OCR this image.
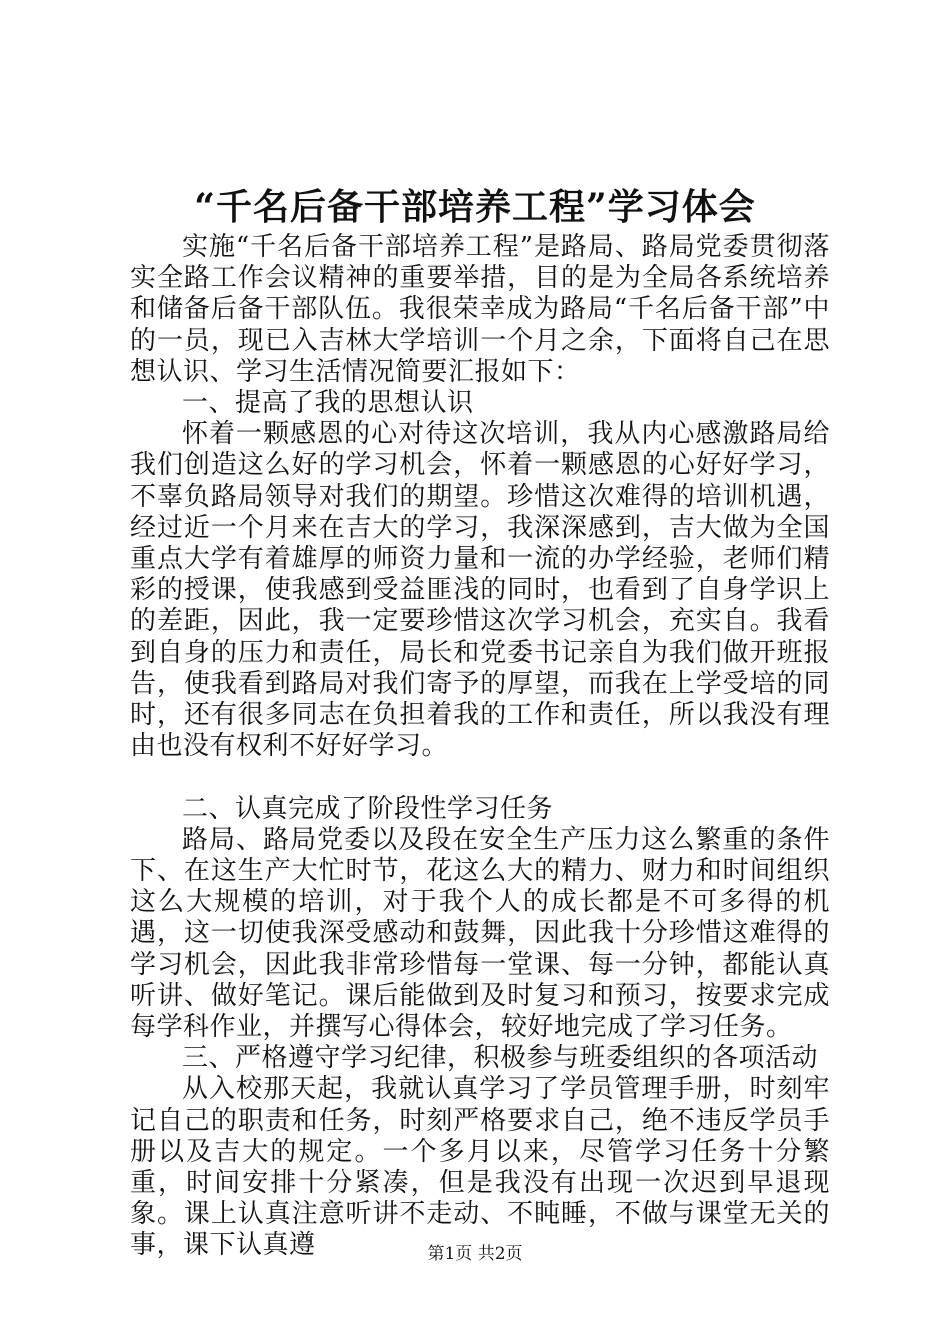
“千名后备干部培养工程”学习体会

实施“千名后备干部培养工程”是路局、路局党委贯彻落实全路工作会议精神的重要举措，目的是为全局各系统培养和储备后备干部队伍。我很荣幸成为路局“千名后备干部”中的一员，现已入吉林大学培训一个月之余，下面将自己在思想认识、学习生活情况简要汇报如下：

一、提高了我的思想认识

怀着一颗感恩的心对待这次培训，我从内心感激路局给我们创造这么好的学习机会，怀着一颗感恩的心好好学习，不辜负路局领导对我们的期望。珍惜这次难得的培训机遇，经过近一个月来在吉大的学习，我深深感到，吉大做为全国重点大学有着雄厚的师资力量和一流的办学经验，老师们精彩的授课，使我感到受益匪浅的同时，也看到了自身学识上的差距，因此，我一定要珍惜这次学习机会，充实自。我看到自身的压力和责任，局长和党委书记亲自为我们做开班报告，使我看到路局对我们寄予的厚望，而我在上学受培的同时，还有很多同志在负担着我的工作和责任，所以我没有理由也没有权利不好好学习。

二、认真完成了阶段性学习任务

路局、路局党委以及段在安全生产压力这么繁重的条件下、在这生产大忙时节，花这么大的精力、财力和时间组织这么大规模的培训，对于我个人的成长都是不可多得的机遇，这一切使我深受感动和鼓舞，因此我十分珍惜这难得的学习机会，因此我非常珍惜每一堂课、每一分钟，都能认真听讲、做好笔记。课后能做到及时复习和预习，按要求完成每学科作业，并撰写心得体会，较好地完成了学习任务。

三、严格遵守学习纪律，积极参与班委组织的各项活动

从入校那天起，我就认真学习了学员管理手册，时刻牢记自己的职责和任务，时刻严格要求自己，绝不违反学员手册以及吉大的规定。一个多月以来，尽管学习任务十分繁重，时间安排十分紧凑，但是我没有出现一次迟到早退现象。课上认真注意听讲不走动、不盹睡，不做与课堂无关的事，课下认真遵	第1页 共2页
